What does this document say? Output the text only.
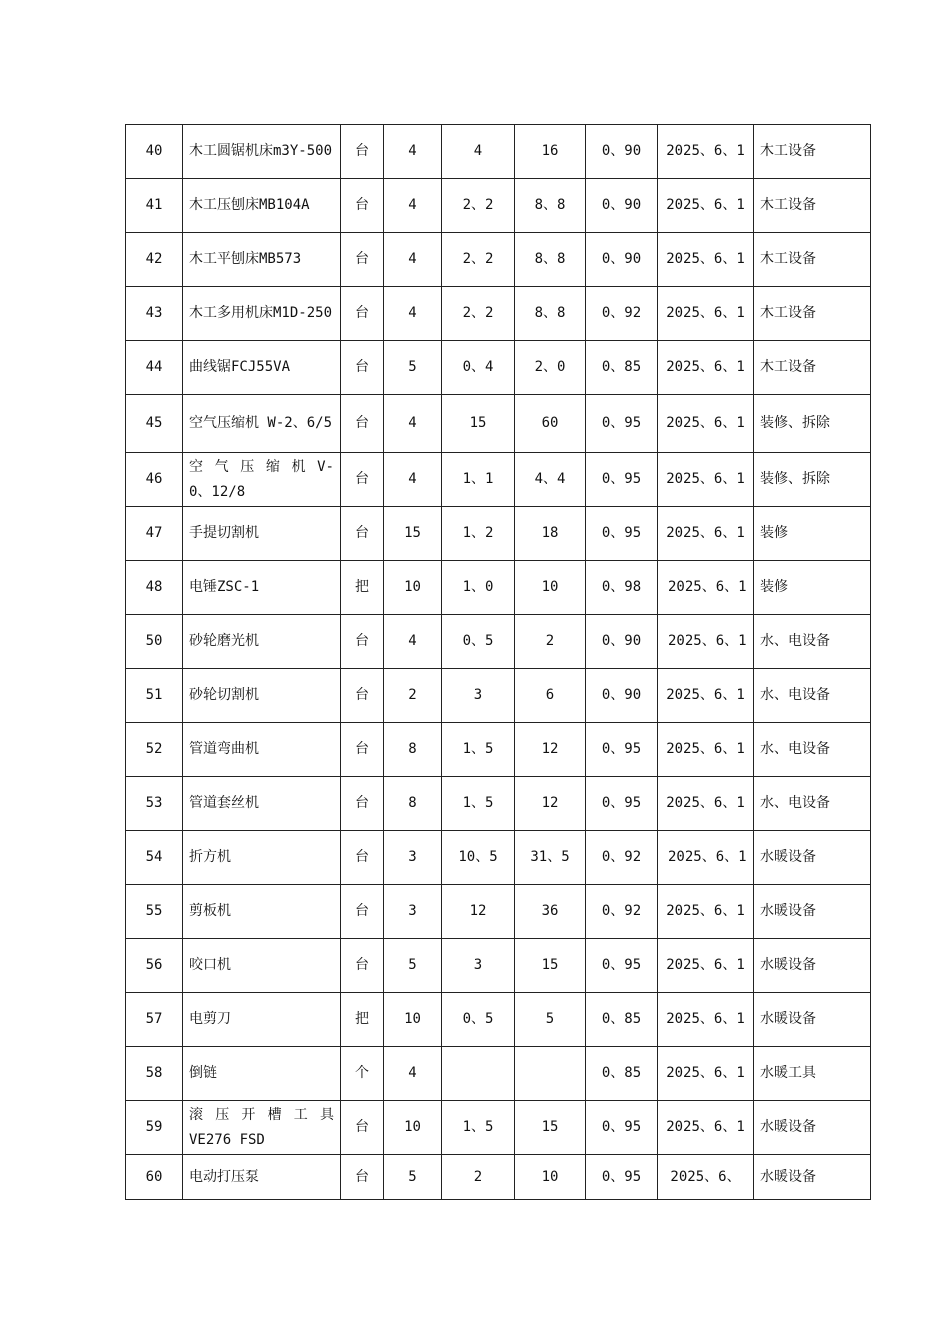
40	木工圆锯机床m3Y-500	台	4	4	16	0、90	2025、6、1	木工设备
41	木工压刨床MB104A	台	4	2、2	8、8	0、90	2025、6、1	木工设备
42	木工平刨床MB573	台	4	2、2	8、8	0、90	2025、6、1	木工设备
43	木工多用机床M1D-250	台	4	2、2	8、8	0、92	2025、6、1	木工设备
44	曲线锯FCJ55VA	台	5	0、4	2、0	0、85	2025、6、1	木工设备
45	空气压缩机 W-2、6/5	台	4	15	60	0、95	2025、6、1	装修、拆除
46	空 气 压 缩 机 V-0、12/8	台	4	1、1	4、4	0、95	2025、6、1	装修、拆除
47	手提切割机	台	15	1、2	18	0、95	2025、6、1	装修
48	电锤ZSC-1	把	10	1、0	10	0、98	2025、6、1	装修
50	砂轮磨光机	台	4	0、5	2	0、90	2025、6、1	水、电设备
51	砂轮切割机	台	2	3	6	0、90	2025、6、1	水、电设备
52	管道弯曲机	台	8	1、5	12	0、95	2025、6、1	水、电设备
53	管道套丝机	台	8	1、5	12	0、95	2025、6、1	水、电设备
54	折方机	台	3	10、5	31、5	0、92	2025、6、1	水暖设备
55	剪板机	台	3	12	36	0、92	2025、6、1	水暖设备
56	咬口机	台	5	3	15	0、95	2025、6、1	水暖设备
57	电剪刀	把	10	0、5	5	0、85	2025、6、1	水暖设备
58	倒链	个	4			0、85	2025、6、1	水暖工具
59	滚 压 开 槽 工 具 VE276 FSD	台	10	1、5	15	0、95	2025、6、1	水暖设备
60	电动打压泵	台	5	2	10	0、95	2025、6、	水暖设备
